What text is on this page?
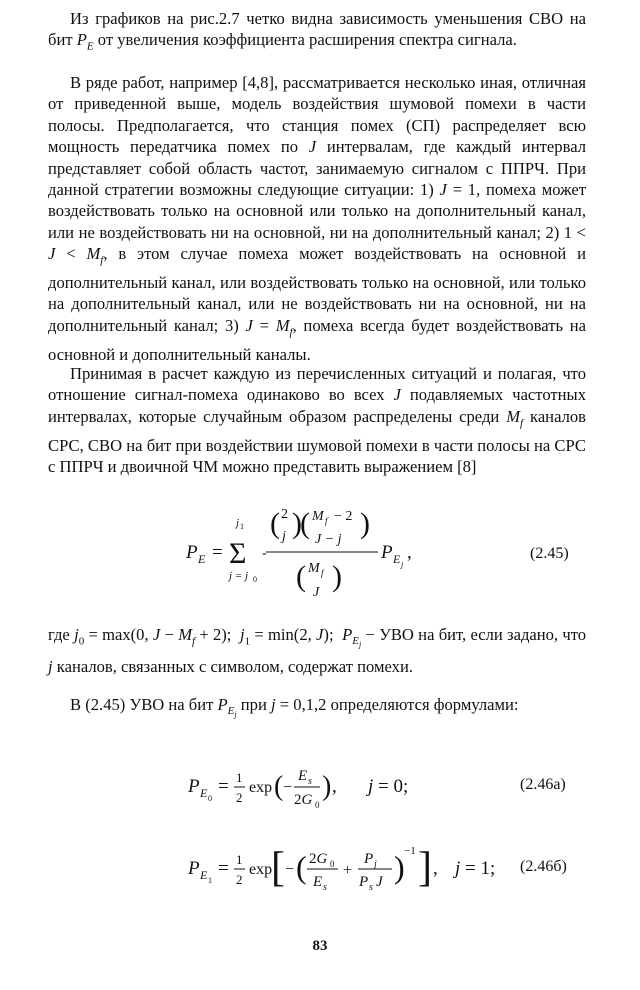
Из графиков на рис.2.7 четко видна зависимость уменьшения СВО на бит $P_E$ от увеличения коэффициента расширения спектра сигнала.

В ряде работ, например [4,8], рассматривается несколько иная, отличная от приведенной выше, модель воздействия шумовой помехи в части полосы. Предполагается, что станция помех (СП) распределяет всю мощность передатчика помех по J интервалам, где каждый интервал представляет собой область частот, занимаемую сигналом с ППРЧ. При данной стратегии возможны следующие ситуации: 1) J = 1, помеха может воздействовать только на основной или только на дополнительный канал, или не воздействовать ни на основной, ни на дополнительный канал; 2) $1 < J < M_f$, в этом случае помеха может воздействовать на основной и дополнительный канал, или воздействовать только на основной, или только на дополнительный канал, или не воздействовать ни на основной, ни на дополнительный канал; 3) $J = M_f$, помеха всегда будет воздействовать на основной и дополнительный каналы.

Принимая в расчет каждую из перечисленных ситуаций и полагая, что отношение сигнал-помеха одинаково во всех J подавляемых частотных интервалах, которые случайным образом распределены среди $M_f$ каналов СРС, СВО на бит при воздействии шумовой помехи в части полосы на СРС с ППРЧ и двоичной ЧМ можно представить выражением [8]

P E = Σ
j 1
j = j 0
-
( 2
j )
( M f − 2
J − j )
( M f
J )
P E j
,	(2.45)

где $j_0 = \max(0$, $J - M_f + 2$);  $j_1 = \min(2$, J);  $P_{E_j}$ − УВО на бит, если задано, что j каналов, связанных с символом, содержат помехи.

В (2.45) УВО на бит $P_{E_j}$ при j = 0,1,2 определяются формулами:

P E 0
= 1
2
exp ( −
E s
2G 0
) , j = 0;	(2.46а)
P E 1
= 1
2
exp
[ − ( 2G 0
E s
+
P j
P s J ) −1 ] , j = 1; (2.46б)
83
